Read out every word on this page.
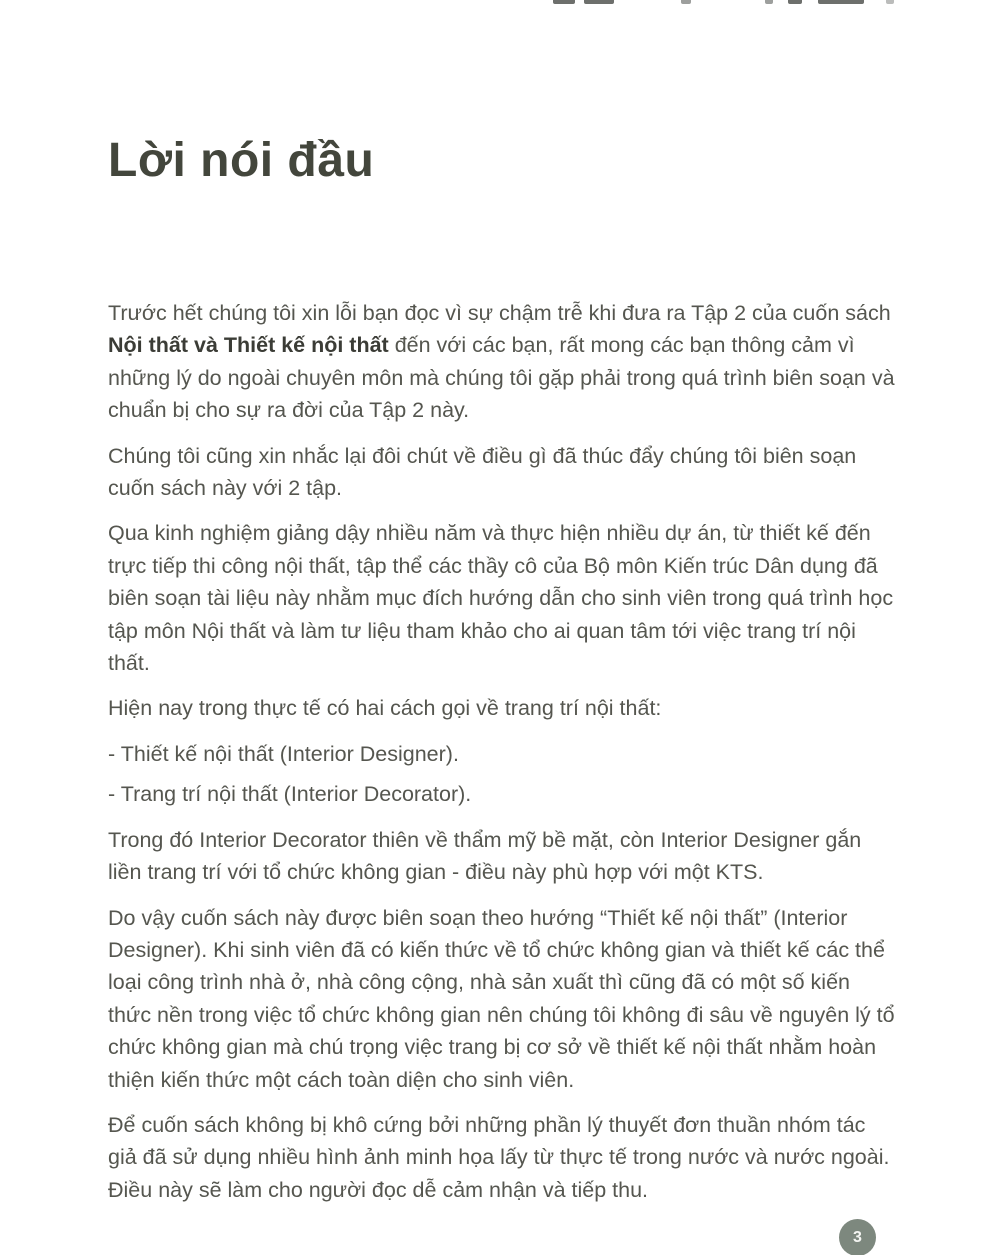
Lời nói đầu

Trước hết chúng tôi xin lỗi bạn đọc vì sự chậm trễ khi đưa ra Tập 2 của cuốn sách Nội thất và Thiết kế nội thất đến với các bạn, rất mong các bạn thông cảm vì những lý do ngoài chuyên môn mà chúng tôi gặp phải trong quá trình biên soạn và chuẩn bị cho sự ra đời của Tập 2 này.

Chúng tôi cũng xin nhắc lại đôi chút về điều gì đã thúc đẩy chúng tôi biên soạn cuốn sách này với 2 tập.

Qua kinh nghiệm giảng dậy nhiều năm và thực hiện nhiều dự án, từ thiết kế đến trực tiếp thi công nội thất, tập thể các thầy cô của Bộ môn Kiến trúc Dân dụng đã biên soạn tài liệu này nhằm mục đích hướng dẫn cho sinh viên trong quá trình học tập môn Nội thất và làm tư liệu tham khảo cho ai quan tâm tới việc trang trí nội thất.

Hiện nay trong thực tế có hai cách gọi về trang trí nội thất:

- Thiết kế nội thất (Interior Designer).

- Trang trí nội thất (Interior Decorator).

Trong đó Interior Decorator thiên về thẩm mỹ bề mặt, còn Interior Designer gắn liền trang trí với tổ chức không gian - điều này phù hợp với một KTS.

Do vậy cuốn sách này được biên soạn theo hướng “Thiết kế nội thất” (Interior Designer). Khi sinh viên đã có kiến thức về tổ chức không gian và thiết kế các thể loại công trình nhà ở, nhà công cộng, nhà sản xuất thì cũng đã có một số kiến thức nền trong việc tổ chức không gian nên chúng tôi không đi sâu về nguyên lý tổ chức không gian mà chú trọng việc trang bị cơ sở về thiết kế nội thất nhằm hoàn thiện kiến thức một cách toàn diện cho sinh viên.

Để cuốn sách không bị khô cứng bởi những phần lý thuyết đơn thuần nhóm tác giả đã sử dụng nhiều hình ảnh minh họa lấy từ thực tế trong nước và nước ngoài. Điều này sẽ làm cho người đọc dễ cảm nhận và tiếp thu.

3
